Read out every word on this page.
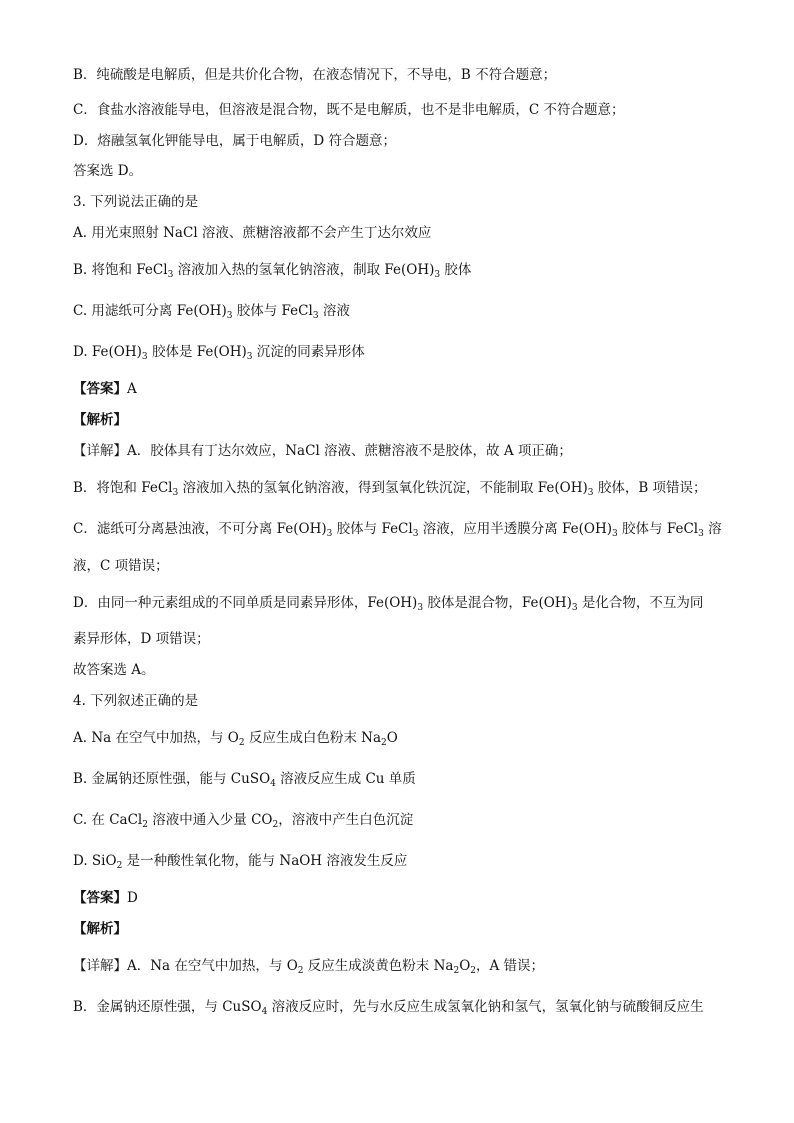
B．纯硫酸是电解质，但是共价化合物，在液态情况下，不导电，B 不符合题意；
C．食盐水溶液能导电，但溶液是混合物，既不是电解质，也不是非电解质，C 不符合题意；
D．熔融氢氧化钾能导电，属于电解质，D 符合题意；
答案选 D。
3. 下列说法正确的是
A. 用光束照射 NaCl 溶液、蔗糖溶液都不会产生丁达尔效应
B. 将饱和 FeCl$_3$ 溶液加入热的氢氧化钠溶液，制取 $Fe(OH)_3$ 胶体
C. 用滤纸可分离 $Fe(OH)_3$ 胶体与 FeCl$_3$ 溶液
D. $Fe(OH)_3$ 胶体是 $Fe(OH)_3$ 沉淀的同素异形体
【答案】A
【解析】
【详解】A．胶体具有丁达尔效应，NaCl 溶液、蔗糖溶液不是胶体，故 A 项正确；
B．将饱和 FeCl$_3$ 溶液加入热的氢氧化钠溶液，得到氢氧化铁沉淀，不能制取 $Fe(OH)_3$ 胶体，B 项错误；
C．滤纸可分离悬浊液，不可分离 $Fe(OH)_3$ 胶体与 FeCl$_3$ 溶液，应用半透膜分离 $Fe(OH)_3$ 胶体与 FeCl$_3$ 溶
液，C 项错误；
D．由同一种元素组成的不同单质是同素异形体，$Fe(OH)_3$ 胶体是混合物，$Fe(OH)_3$ 是化合物，不互为同
素异形体，D 项错误；
故答案选 A。
4. 下列叙述正确的是
A. Na 在空气中加热，与 $O_2$ 反应生成白色粉末 $Na_2O$
B. 金属钠还原性强，能与 CuSO$_4$ 溶液反应生成 Cu 单质
C. 在 CaCl$_2$ 溶液中通入少量 $CO_2$，溶液中产生白色沉淀
D. SiO$_2$ 是一种酸性氧化物，能与 NaOH 溶液发生反应
【答案】D
【解析】
【详解】A．Na 在空气中加热，与 $O_2$ 反应生成淡黄色粉末 $Na_2O_2$，A 错误；
B．金属钠还原性强，与 CuSO$_4$ 溶液反应时，先与水反应生成氢氧化钠和氢气，氢氧化钠与硫酸铜反应生
